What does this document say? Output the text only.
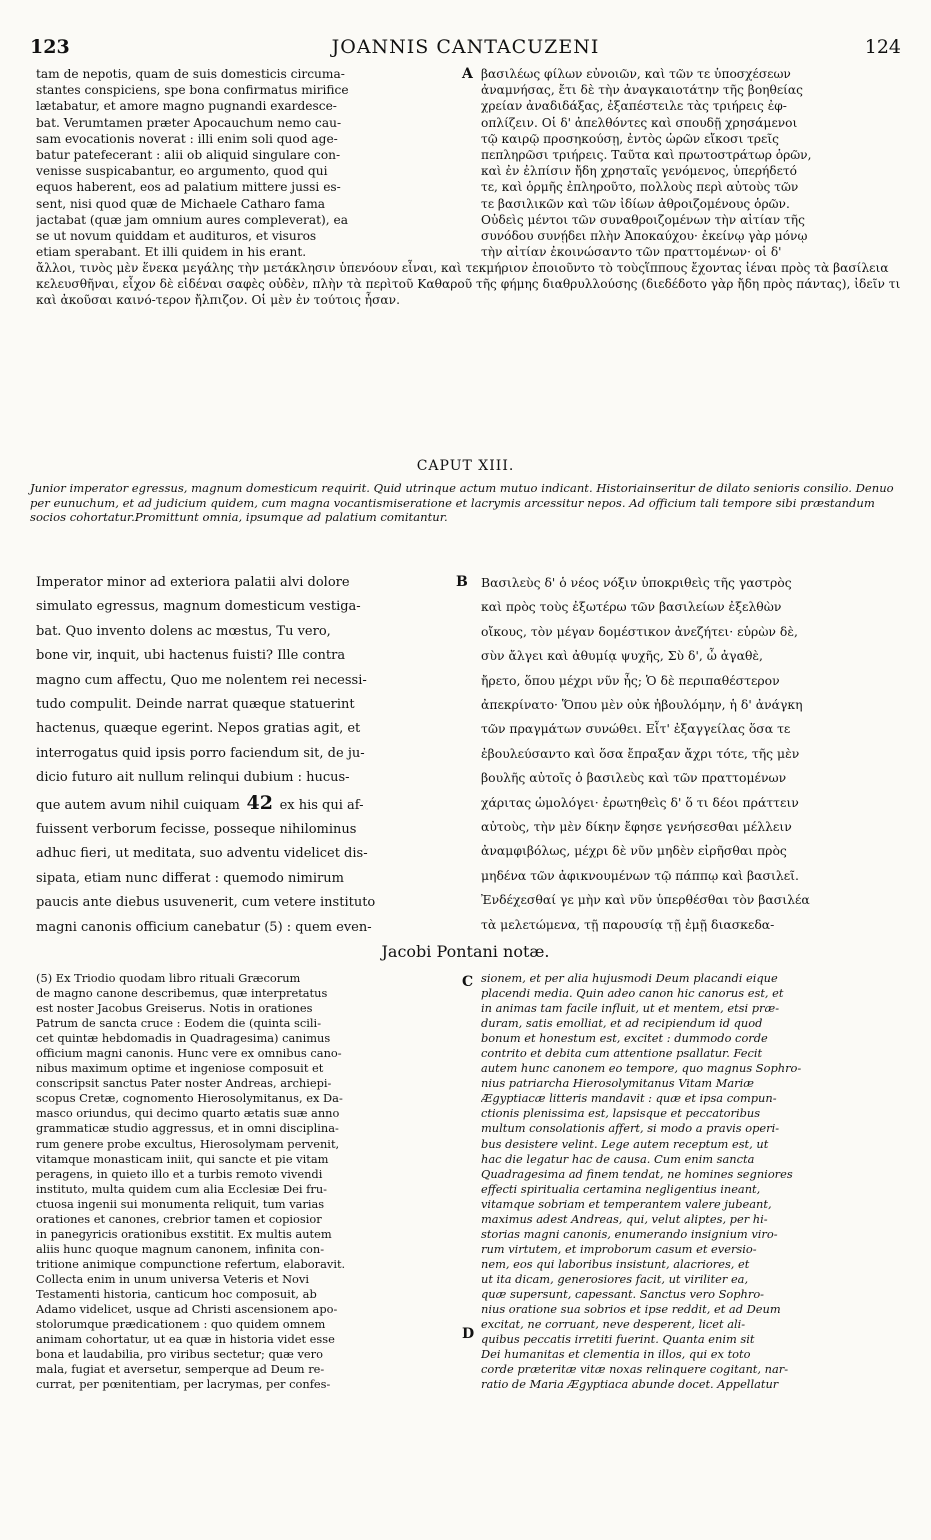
JOANNIS CANTACUZENI
123	124
tam de nepotis, quam de suis domesticis circuma-
stantes conspiciens, spe bona confirmatus mirifice
lætabatur, et amore magno pugnandi exardesce-
bat. Verumtamen præter Apocauchum nemo cau-
sam evocationis noverat : illi enim soli quod age-
batur patefecerant : alii ob aliquid singulare con-
venisse suspicabantur, eo argumento, quod qui
equos haberent, eos ad palatium mittere jussi es-
sent, nisi quod quæ de Michaele Catharo fama
jactabat (quæ jam omnium aures compleverat), ea
se ut novum quiddam et audituros, et visuros
etiam sperabant. Et illi quidem in his erant.
A βασιλέως φίλων εὐνοιῶν, καὶ τῶν τε ὑποσχέσεων
ἀναμνήσας, ἔτι δὲ τὴν ἀναγκαιοτάτην τῆς βοηθείας
χρείαν ἀναδιδάξας, ἐξαπέστειλε τὰς τριήρεις ἐφ-
οπλίζειν. Οἱ δ' ἀπελθόντες καὶ σπουδῇ χρησάμενοι
τῷ καιρῷ προσηκούσῃ, ἐντὸς ὡρῶν εἴκοσι τρεῖς
πεπληρῶσι τριήρεις. Ταῦτα καὶ πρωτοστράτωρ ὁρῶν,
καὶ ἐν ἐλπίσιν ἤδη χρησταῖς γενόμενος, ὑπερήδετό
τε, καὶ ὁρμῆς ἐπληροῦτο, πολλοὺς περὶ αὐτοὺς τῶν
τε βασιλικῶν καὶ τῶν ἰδίων ἀθροιζομένους ὁρῶν.
Οὐδεὶς μέντοι τῶν συναθροιζομένων τὴν αἰτίαν τῆς
συνόδου συνῄδει πλὴν Ἀποκαύχου· ἐκείνῳ γὰρ μόνῳ
τὴν αἰτίαν ἐκοινώσαντο τῶν πραττομένων· οἱ δ'
ἄλλοι, τινὸς μὲν ἕνεκα μεγάλης τὴν μετάκλησιν ὑπενόουν εἶναι, καὶ τεκμήριον ἐποιοῦντο τὸ τοὺςἵππους ἔχοντας ἰέναι πρὸς τὰ βασίλεια κελευσθῆναι, εἶχον δὲ εἰδέναι σαφὲς οὐδὲν, πλὴν τὰ περὶτοῦ Καθαροῦ τῆς φήμης διαθρυλλούσης (διεδέδοτο γὰρ ἤδη πρὸς πάντας), ἰδεῖν τι καὶ ἀκοῦσαι καινό-τερον ἤλπιζον. Οἱ μὲν ἐν τούτοις ἦσαν.
CAPUT XIII.
Junior imperator egressus, magnum domesticum requirit. Quid utrinque actum mutuo indicant. Historiainseritur de dilato senioris consilio. Denuo per eunuchum, et ad judicium quidem, cum magna vocantismiseratione et lacrymis arcessitur nepos. Ad officium tali tempore sibi præstandum socios cohortatur.Promittunt omnia, ipsumque ad palatium comitantur.
Imperator minor ad exteriora palatii alvi dolore
simulato egressus, magnum domesticum vestiga-
bat. Quo invento dolens ac mœstus, Tu vero,
bone vir, inquit, ubi hactenus fuisti? Ille contra
magno cum affectu, Quo me nolentem rei necessi-
tudo compulit. Deinde narrat quæque statuerint
hactenus, quæque egerint. Nepos gratias agit, et
interrogatus quid ipsis porro faciendum sit, de ju-
dicio futuro ait nullum relinqui dubium : hucus-
que autem avum nihil cuiquam 42 ex his qui af-
fuissent verborum fecisse, posseque nihilominus
adhuc fieri, ut meditata, suo adventu videlicet dis-
sipata, etiam nunc differat : quemodo nimirum
paucis ante diebus usuvenerit, cum vetere instituto
magni canonis officium canebatur (5) : quem even-
B Βασιλεὺς δ' ὁ νέος νόξιν ὑποκριθεὶς τῆς γαστρὸς
καὶ πρὸς τοὺς ἐξωτέρω τῶν βασιλείων ἐξελθὼν
οἴκους, τὸν μέγαν δομέστικον ἀνεζήτει· εὑρὼν δὲ,
σὺν ἄλγει καὶ ἀθυμίᾳ ψυχῆς, Σὺ δ', ὦ ἀγαθὲ,
ἤρετο, ὅπου μέχρι νῦν ἦς; Ὁ δὲ περιπαθέστερον
ἀπεκρίνατο· Ὅπου μὲν οὐκ ἠβουλόμην, ἡ δ' ἀνάγκη
τῶν πραγμάτων συνώθει. Εἶτ' ἐξαγγείλας ὅσα τε
ἐβουλεύσαντο καὶ ὅσα ἔπραξαν ἄχρι τότε, τῆς μὲν
βουλῆς αὐτοῖς ὁ βασιλεὺς καὶ τῶν πραττομένων
χάριτας ὡμολόγει· ἐρωτηθεὶς δ' ὅ τι δέοι πράττειν
αὐτοὺς, τὴν μὲν δίκην ἔφησε γενήσεσθαι μέλλειν
ἀναμφιβόλως, μέχρι δὲ νῦν μηδὲν εἰρῆσθαι πρὸς
μηδένα τῶν ἀφικνουμένων τῷ πάππῳ καὶ βασιλεῖ.
Ἐνδέχεσθαί γε μὴν καὶ νῦν ὑπερθέσθαι τὸν βασιλέα
τὰ μελετώμενα, τῇ παρουσίᾳ τῇ ἐμῇ διασκεδα-
Jacobi Pontani notæ.
C
D
(5) Ex Triodio quodam libro rituali Græcorum
de magno canone describemus, quæ interpretatus
est noster Jacobus Greiserus. Notis in orationes
Patrum de sancta cruce : Eodem die (quinta scili-
cet quintæ hebdomadis in Quadragesima) canimus
officium magni canonis. Hunc vere ex omnibus cano-
nibus maximum optime et ingeniose composuit et
conscripsit sanctus Pater noster Andreas, archiepi-
scopus Cretæ, cognomento Hierosolymitanus, ex Da-
masco oriundus, qui decimo quarto ætatis suæ anno
grammaticæ studio aggressus, et in omni disciplina-
rum genere probe excultus, Hierosolymam pervenit,
vitamque monasticam iniit, qui sancte et pie vitam
peragens, in quieto illo et a turbis remoto vivendi
instituto, multa quidem cum alia Ecclesiæ Dei fru-
ctuosa ingenii sui monumenta reliquit, tum varias
orationes et canones, crebrior tamen et copiosior
in panegyricis orationibus exstitit. Ex multis autem
aliis hunc quoque magnum canonem, infinita con-
tritione animique compunctione refertum, elaboravit.
Collecta enim in unum universa Veteris et Novi
Testamenti historia, canticum hoc composuit, ab
Adamo videlicet, usque ad Christi ascensionem apo-
stolorumque prædicationem : quo quidem omnem
animam cohortatur, ut ea quæ in historia videt esse
bona et laudabilia, pro viribus sectetur; quæ vero
mala, fugiat et aversetur, semperque ad Deum re-
currat, per pœnitentiam, per lacrymas, per confes-
sionem, et per alia hujusmodi Deum placandi eique
placendi media. Quin adeo canon hic canorus est, et
in animas tam facile influit, ut et mentem, etsi præ-
duram, satis emolliat, et ad recipiendum id quod
bonum et honestum est, excitet : dummodo corde
contrito et debita cum attentione psallatur. Fecit
autem hunc canonem eo tempore, quo magnus Sophro-
nius patriarcha Hierosolymitanus Vitam Mariæ
Ægyptiacæ litteris mandavit : quæ et ipsa compun-
ctionis plenissima est, lapsisque et peccatoribus
multum consolationis affert, si modo a pravis operi-
bus desistere velint. Lege autem receptum est, ut
hac die legatur hac de causa. Cum enim sancta
Quadragesima ad finem tendat, ne homines segniores
effecti spiritualia certamina negligentius ineant,
vitamque sobriam et temperantem valere jubeant,
maximus adest Andreas, qui, velut aliptes, per hi-
storias magni canonis, enumerando insignium viro-
rum virtutem, et improborum casum et eversio-
nem, eos qui laboribus insistunt, alacriores, et
ut ita dicam, generosiores facit, ut viriliter ea,
quæ supersunt, capessant. Sanctus vero Sophro-
nius oratione sua sobrios et ipse reddit, et ad Deum
excitat, ne corruant, neve desperent, licet ali-
quibus peccatis irretiti fuerint. Quanta enim sit
Dei humanitas et clementia in illos, qui ex toto
corde præteritæ vitæ noxas relinquere cogitant, nar-
ratio de Maria Ægyptiaca abunde docet. Appellatur
